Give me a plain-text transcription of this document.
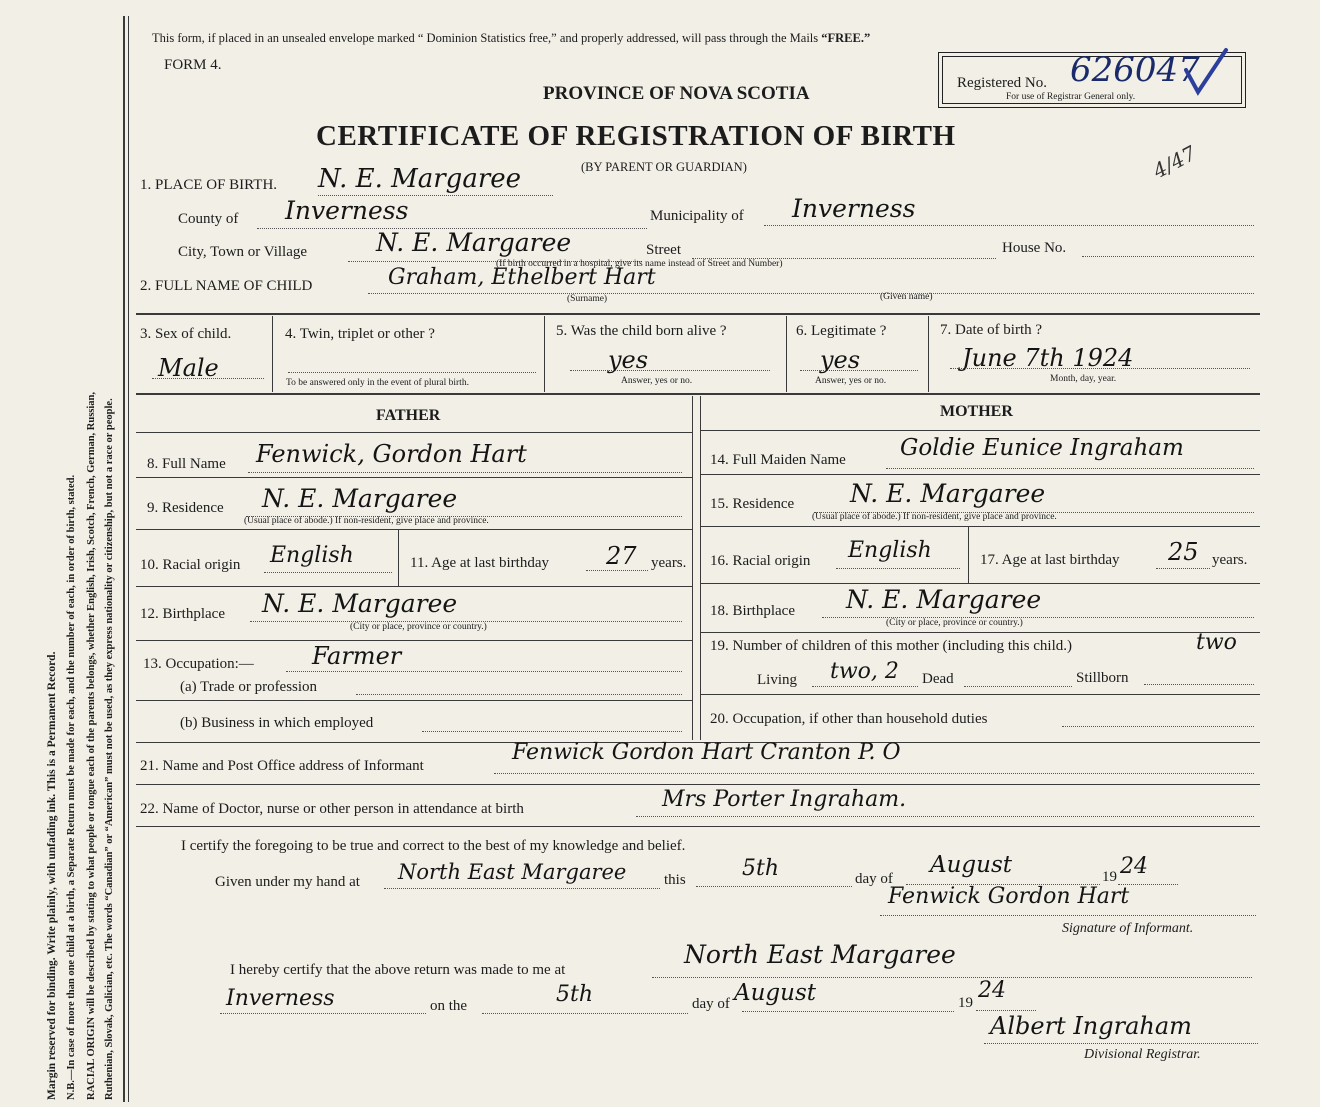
Margin reserved for binding. Write plainly, with unfading ink. This is a Permanent Record. N.B.—In case of more than one child at a birth, a Separate Return must be made for each, and the number of each, in order of birth, stated. RACIAL ORIGIN will be described by stating to what people or tongue each of the parents belongs, whether English, Irish, Scotch, French, German, Russian, Ruthenian, Slovak, Galician, etc. The words “Canadian” or “American” must not be used, as they express nationality or citizenship, but not a race or people.
This form, if placed in an unsealed envelope marked “ Dominion Statistics free,” and properly addressed, will pass through the Mails “FREE.”
FORM 4.
PROVINCE OF NOVA SCOTIA
CERTIFICATE OF REGISTRATION OF BIRTH
(BY PARENT OR GUARDIAN)
Registered No. 626047
For use of Registrar General only.
4/47
1. PLACE OF BIRTH. N. E. Margaree
County of Inverness	Municipality of Inverness
City, Town or Village	N. E. Margaree	Street	House No.
(If birth occurred in a hospital, give its name instead of Street and Number)
2. FULL NAME OF CHILD	Graham, Ethelbert Hart
(Surname)	(Given name)
3. Sex of child.
Male
4. Twin, triplet or other ?
To be answered only in the event of plural birth.
5. Was the child born alive ?
yes
Answer, yes or no.
6. Legitimate ?
yes
Answer, yes or no.
7. Date of birth ?
June 7th 1924
Month, day, year.
FATHER	MOTHER
8. Full Name Fenwick, Gordon Hart
9. Residence N. E. Margaree
(Usual place of abode.) If non-resident, give place and province.
10. Racial origin English	11. Age at last birthday 27 years.
12. Birthplace N. E. Margaree
(City or place, province or country.)
13. Occupation:— Farmer
(a) Trade or profession
(b) Business in which employed
14. Full Maiden Name Goldie Eunice Ingraham
15. Residence N. E. Margaree
(Usual place of abode.) If non-resident, give place and province.
16. Racial origin English	17. Age at last birthday 25 years.
18. Birthplace N. E. Margaree
(City or place, province or country.)
19. Number of children of this mother (including this child.)	two
Living two, 2 Dead	Stillborn
20. Occupation, if other than household duties
21. Name and Post Office address of Informant
Fenwick Gordon Hart Cranton P. O
22. Name of Doctor, nurse or other person in attendance at birth	Mrs Porter Ingraham.
I certify the foregoing to be true and correct to the best of my knowledge and belief.
Given under my hand at North East Margaree	this	5th	day of
August	19 24
Fenwick Gordon Hart
Signature of Informant.
I hereby certify that the above return was made to me at
North East Margaree
Inverness	on the	5th	day of August	19 24
Albert Ingraham
Divisional Registrar.
